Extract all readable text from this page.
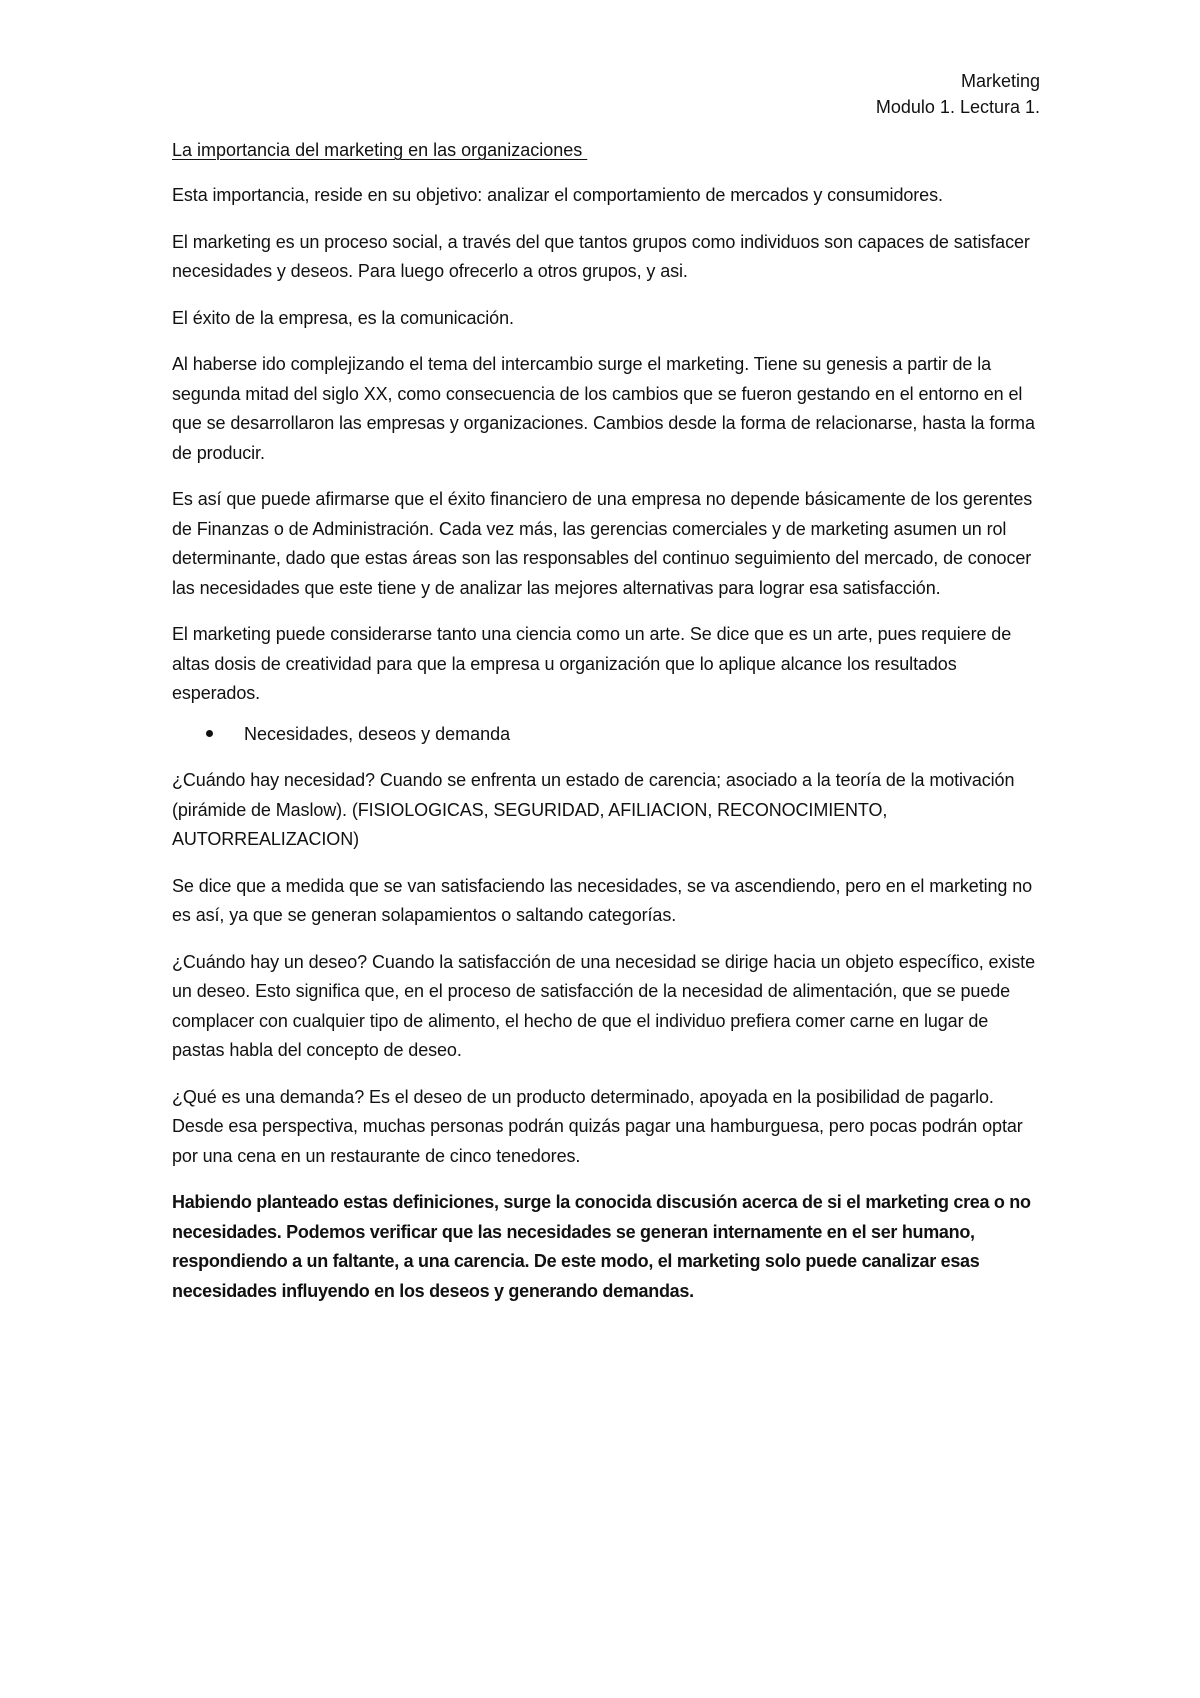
Marketing
Modulo 1. Lectura 1.
La importancia del marketing en las organizaciones

Esta importancia, reside en su objetivo: analizar el comportamiento de mercados y consumidores.

El marketing es un proceso social, a través del que tantos grupos como individuos son capaces de satisfacer necesidades y deseos. Para luego ofrecerlo a otros grupos, y asi.

El éxito de la empresa, es la comunicación.

Al haberse ido complejizando el tema del intercambio surge el marketing. Tiene su genesis a partir de la segunda mitad del siglo XX, como consecuencia de los cambios que se fueron gestando en el entorno en el que se desarrollaron las empresas y organizaciones. Cambios desde la forma de relacionarse, hasta la forma de producir.

Es así que puede afirmarse que el éxito financiero de una empresa no depende básicamente de los gerentes de Finanzas o de Administración. Cada vez más, las gerencias comerciales y de marketing asumen un rol determinante, dado que estas áreas son las responsables del continuo seguimiento del mercado, de conocer las necesidades que este tiene y de analizar las mejores alternativas para lograr esa satisfacción.

El marketing puede considerarse tanto una ciencia como un arte. Se dice que es un arte, pues requiere de altas dosis de creatividad para que la empresa u organización que lo aplique alcance los resultados esperados.

Necesidades, deseos y demanda

¿Cuándo hay necesidad? Cuando se enfrenta un estado de carencia; asociado a la teoría de la motivación (pirámide de Maslow). (FISIOLOGICAS, SEGURIDAD, AFILIACION, RECONOCIMIENTO, AUTORREALIZACION)

Se dice que a medida que se van satisfaciendo las necesidades, se va ascendiendo, pero en el marketing no es así, ya que se generan solapamientos o saltando categorías.

¿Cuándo hay un deseo? Cuando la satisfacción de una necesidad se dirige hacia un objeto específico, existe un deseo. Esto significa que, en el proceso de satisfacción de la necesidad de alimentación, que se puede complacer con cualquier tipo de alimento, el hecho de que el individuo prefiera comer carne en lugar de pastas habla del concepto de deseo.

¿Qué es una demanda? Es el deseo de un producto determinado, apoyada en la posibilidad de pagarlo. Desde esa perspectiva, muchas personas podrán quizás pagar una hamburguesa, pero pocas podrán optar por una cena en un restaurante de cinco tenedores.

Habiendo planteado estas definiciones, surge la conocida discusión acerca de si el marketing crea o no necesidades. Podemos verificar que las necesidades se generan internamente en el ser humano, respondiendo a un faltante, a una carencia. De este modo, el marketing solo puede canalizar esas necesidades influyendo en los deseos y generando demandas.
